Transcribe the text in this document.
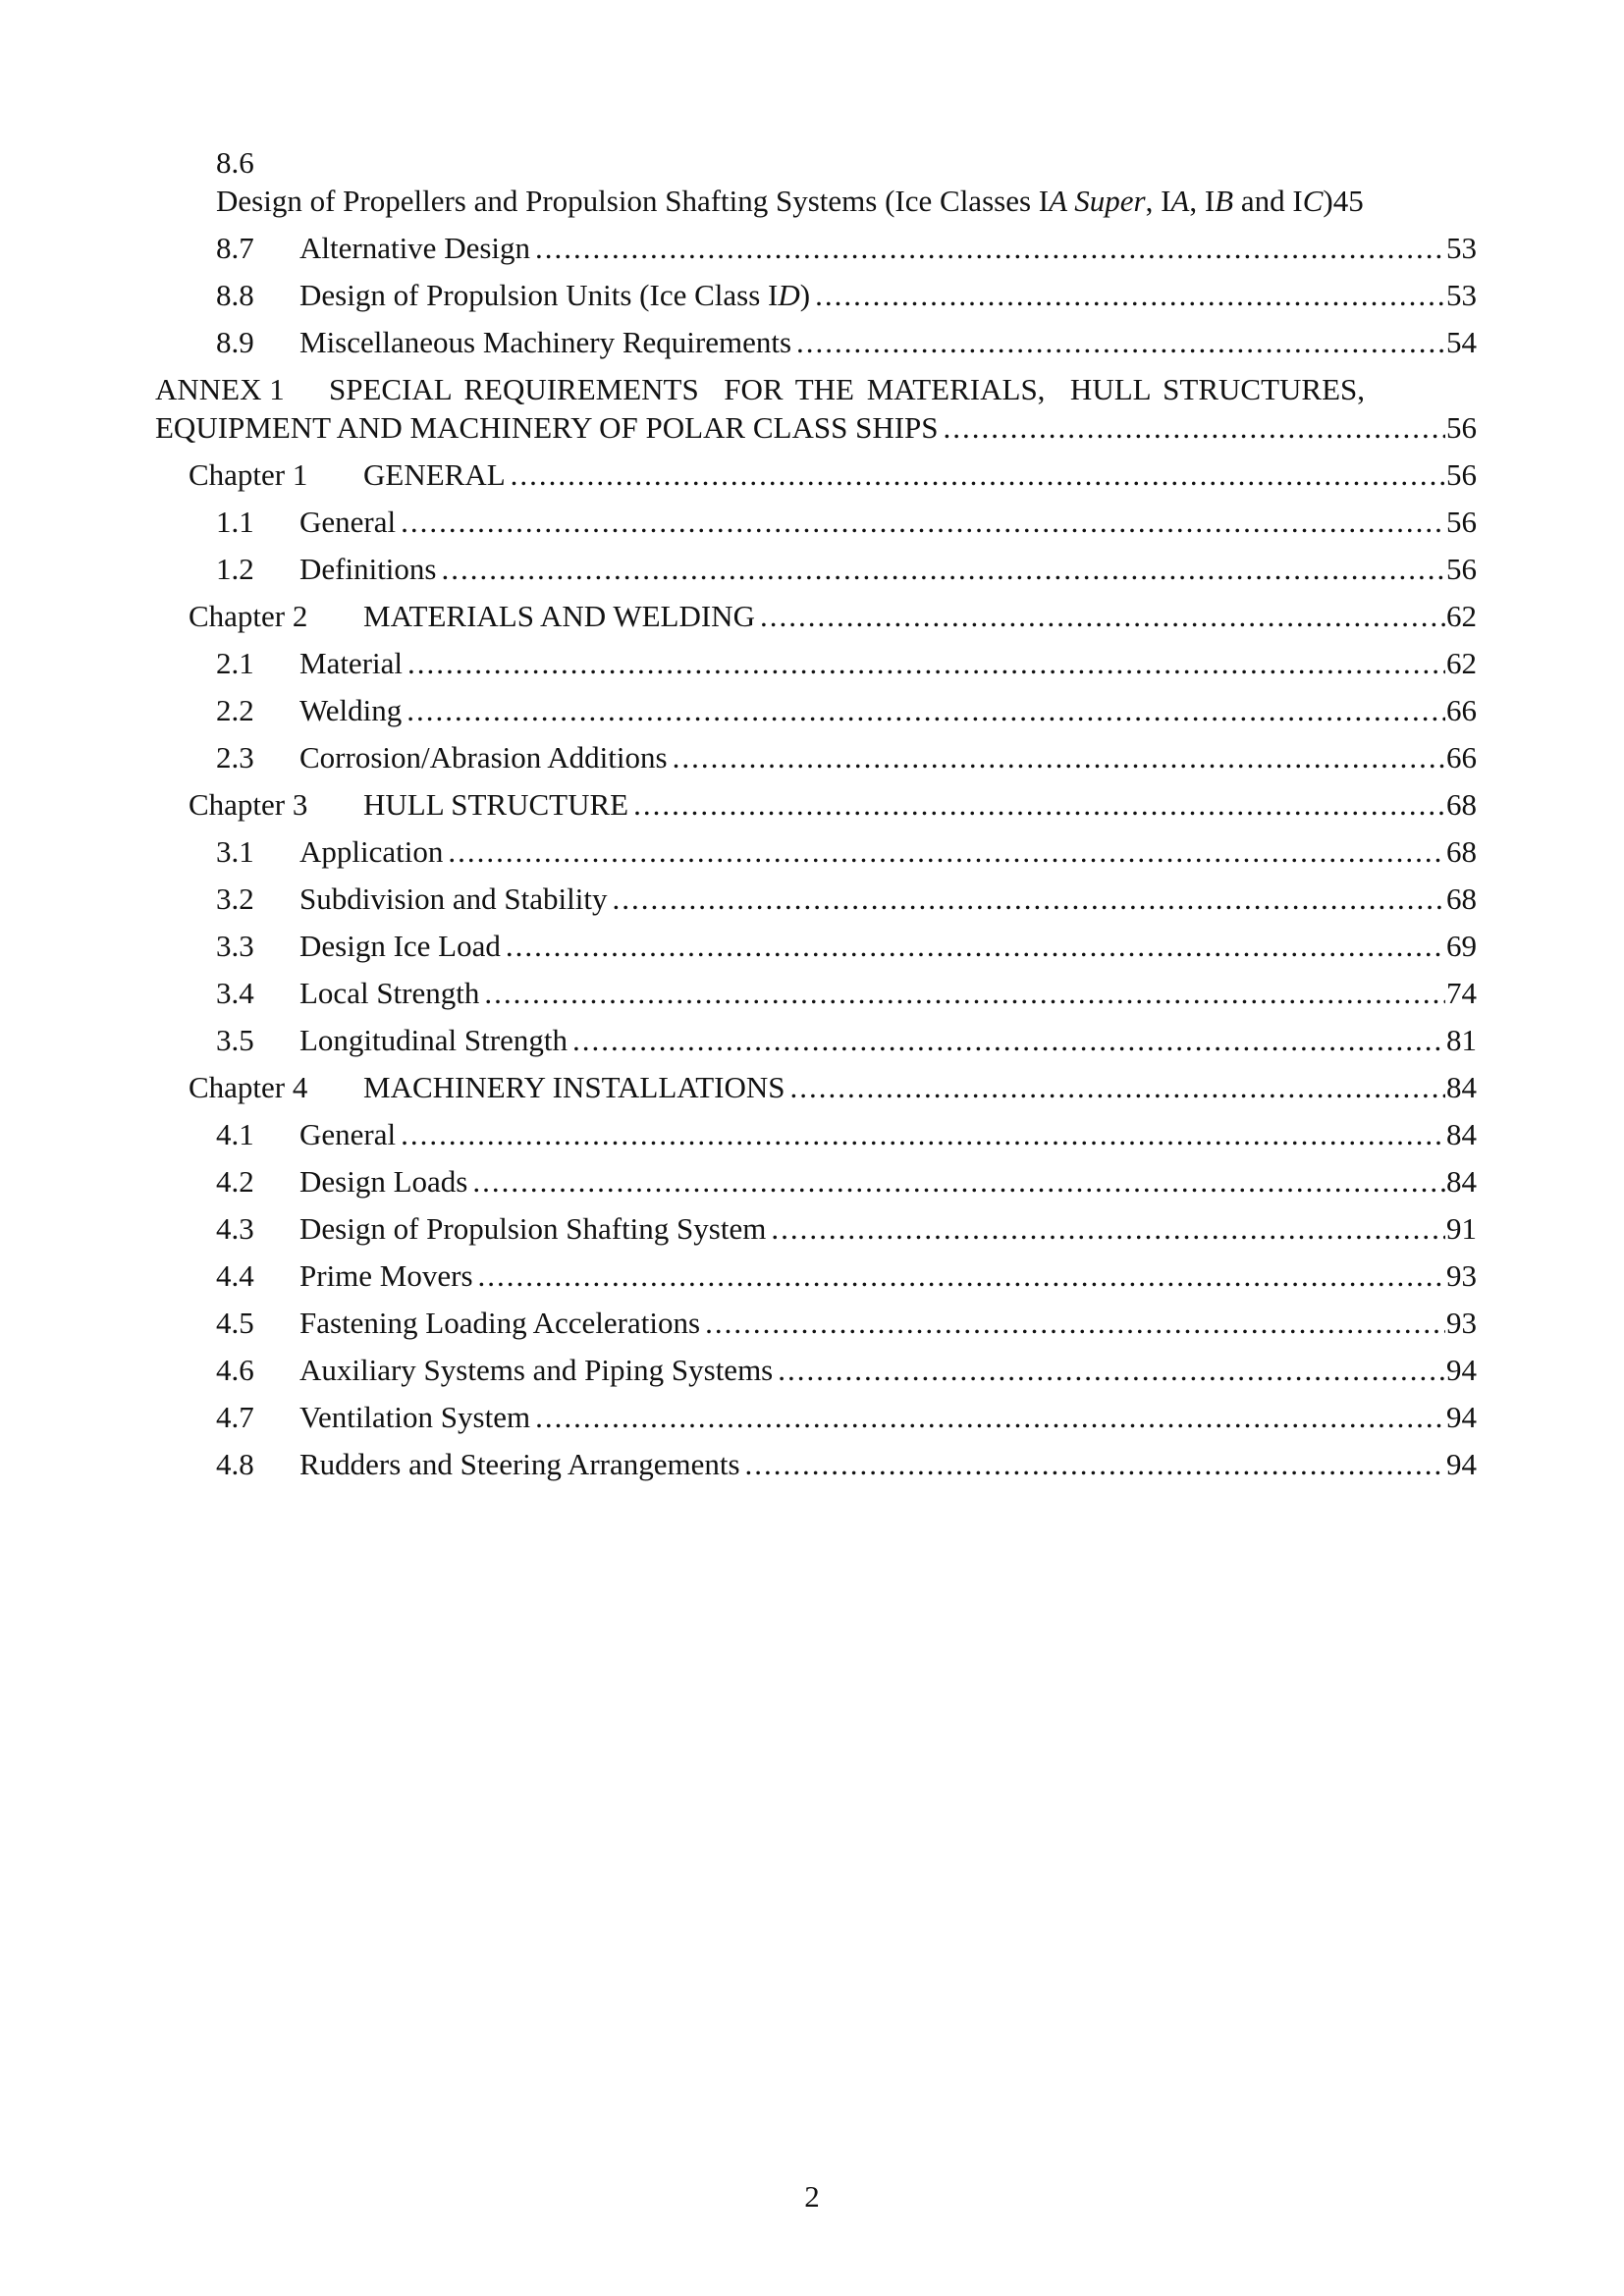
8.6
Design of Propellers and Propulsion Shafting Systems (Ice Classes IA Super, IA, IB and IC) 45
8.7	Alternative Design .....	53
8.8	Design of Propulsion Units (Ice Class ID) .....	53
8.9	Miscellaneous Machinery Requirements .....	54
ANNEX 1	SPECIAL REQUIREMENTS  FOR THE MATERIALS,  HULL STRUCTURES,
EQUIPMENT AND MACHINERY OF POLAR CLASS SHIPS .....	56
Chapter 1	GENERAL .....	56
1.1	General .....	56
1.2	Definitions .....	56
Chapter 2	MATERIALS AND WELDING .....	62
2.1	Material .....	62
2.2	Welding .....	66
2.3	Corrosion/Abrasion Additions .....	66
Chapter 3	HULL STRUCTURE .....	68
3.1	Application .....	68
3.2	Subdivision and Stability .....	68
3.3	Design Ice Load .....	69
3.4	Local Strength .....	74
3.5	Longitudinal Strength .....	81
Chapter 4	MACHINERY INSTALLATIONS .....	84
4.1	General .....	84
4.2	Design Loads .....	84
4.3	Design of Propulsion Shafting System .....	91
4.4	Prime Movers .....	93
4.5	Fastening Loading Accelerations .....	93
4.6	Auxiliary Systems and Piping Systems .....	94
4.7	Ventilation System .....	94
4.8	Rudders and Steering Arrangements .....	94
2
